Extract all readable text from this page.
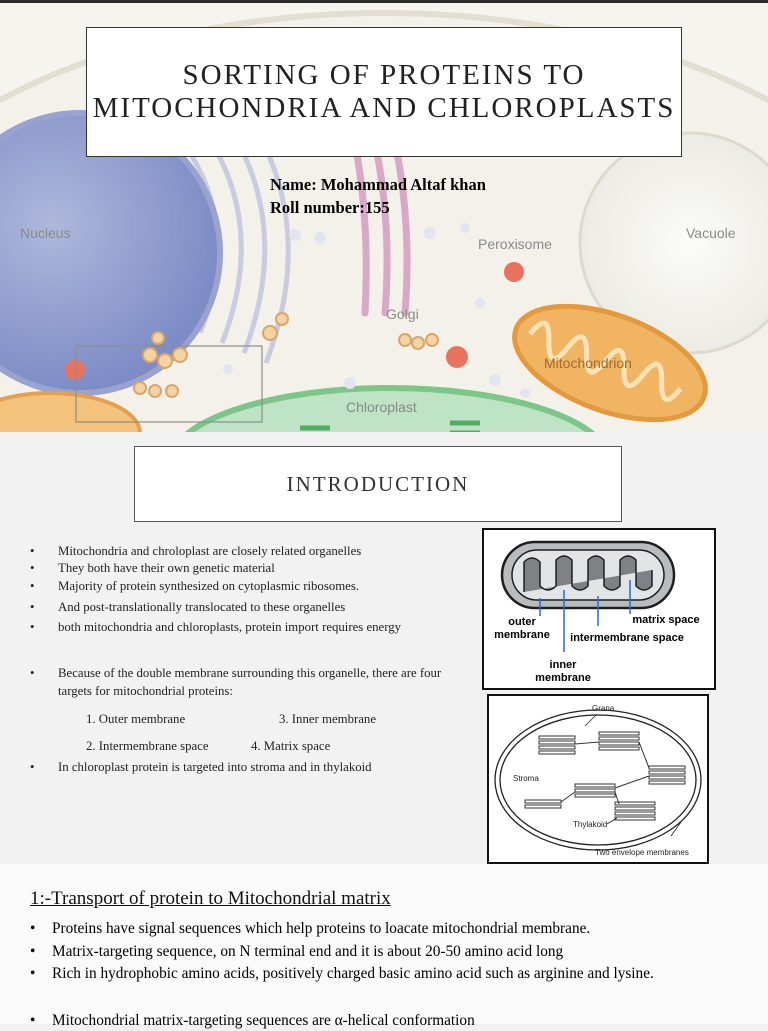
Nucleus
Peroxisome
Vacuole
Golgi
Mitochondrion
Chloroplast
SORTING OF PROTEINS TO MITOCHONDRIA AND CHLOROPLASTS
Name: Mohammad Altaf khan
Roll number:155
INTRODUCTION
• Mitochondria and chroloplast are closely related organelles
• They both have their own genetic material
• Majority of protein synthesized on cytoplasmic ribosomes.
• And post-translationally translocated to these organelles
• both mitochondria and chloroplasts, protein import requires energy
• Because of the double membrane surrounding this organelle, there are four targets for mitochondrial proteins:
1. Outer membrane	3. Inner membrane
2. Intermembrane space	4. Matrix space
• In chloroplast protein is targeted into stroma and in thylakoid
outer membrane
inner membrane
intermembrane space
matrix space
Grana
Stroma
Thylakoid
Two envelope membranes
1:-Transport of protein to Mitochondrial matrix
• Proteins have signal sequences which help proteins to loacate mitochondrial membrane.
• Matrix-targeting sequence, on N terminal end and it is about 20-50 amino acid long
• Rich in hydrophobic amino acids, positively charged basic amino acid such as arginine and lysine.
• Mitochondrial matrix-targeting sequences are α-helical conformation
